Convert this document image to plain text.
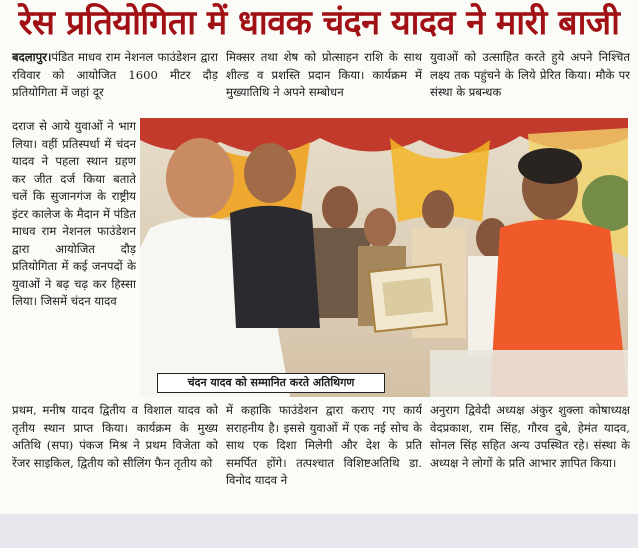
रेस प्रतियोगिता में धावक चंदन यादव ने मारी बाजी

बदलापुर।पंडित माधव राम नेशनल फाउंडेशन द्वारा रविवार को आयोजित 1600 मीटर दौड़ प्रतियोगिता में जहां दूर

मिक्सर तथा शेष को प्रोत्साहन राशि के साथ शील्ड व प्रशस्ति प्रदान किया। कार्यक्रम में मुख्यातिथि ने अपने सम्बोधन

युवाओं को उत्साहित करते हुये अपने निश्चित लक्ष्य तक पहुंचने के लिये प्रेरित किया। मौके पर संस्था के प्रबन्धक

दराज से आये युवाओं ने भाग लिया। वहीं प्रतिस्पर्धा में चंदन यादव ने पहला स्थान ग्रहण कर जीत दर्ज किया बताते चलें कि सुजानगंज के राष्ट्रीय इंटर कालेज के मैदान में पंडित माधव राम नेशनल फाउंडेशन द्वारा आयोजित दौड़ प्रतियोगिता में कई जनपदों के युवाओं ने बढ़ चढ़ कर हिस्सा लिया। जिसमें चंदन यादव

चंदन यादव को सम्मानित करते अतिथिगण

प्रथम, मनीष यादव द्वितीय व विशाल यादव को तृतीय स्थान प्राप्त किया। कार्यक्रम के मुख्य अतिथि (सपा) पंकज मिश्र ने प्रथम विजेता को रेंजर साइकिल, द्वितीय को सीलिंग फैन तृतीय को

में कहाकि फाउंडेशन द्वारा कराए गए कार्य सराहनीय है। इससे युवाओं में एक नई सोच के साथ एक दिशा मिलेगी और देश के प्रति समर्पित होंगे। तत्पश्चात विशिष्टअतिथि डा. विनोद यादव ने

अनुराग द्विवेदी अध्यक्ष अंकुर शुक्ला कोषाध्यक्ष वेदप्रकाश, राम सिंह, गौरव दुबे, हेमंत यादव, सोनल सिंह सहित अन्य उपस्थित रहे। संस्था के अध्यक्ष ने लोगों के प्रति आभार ज्ञापित किया।
